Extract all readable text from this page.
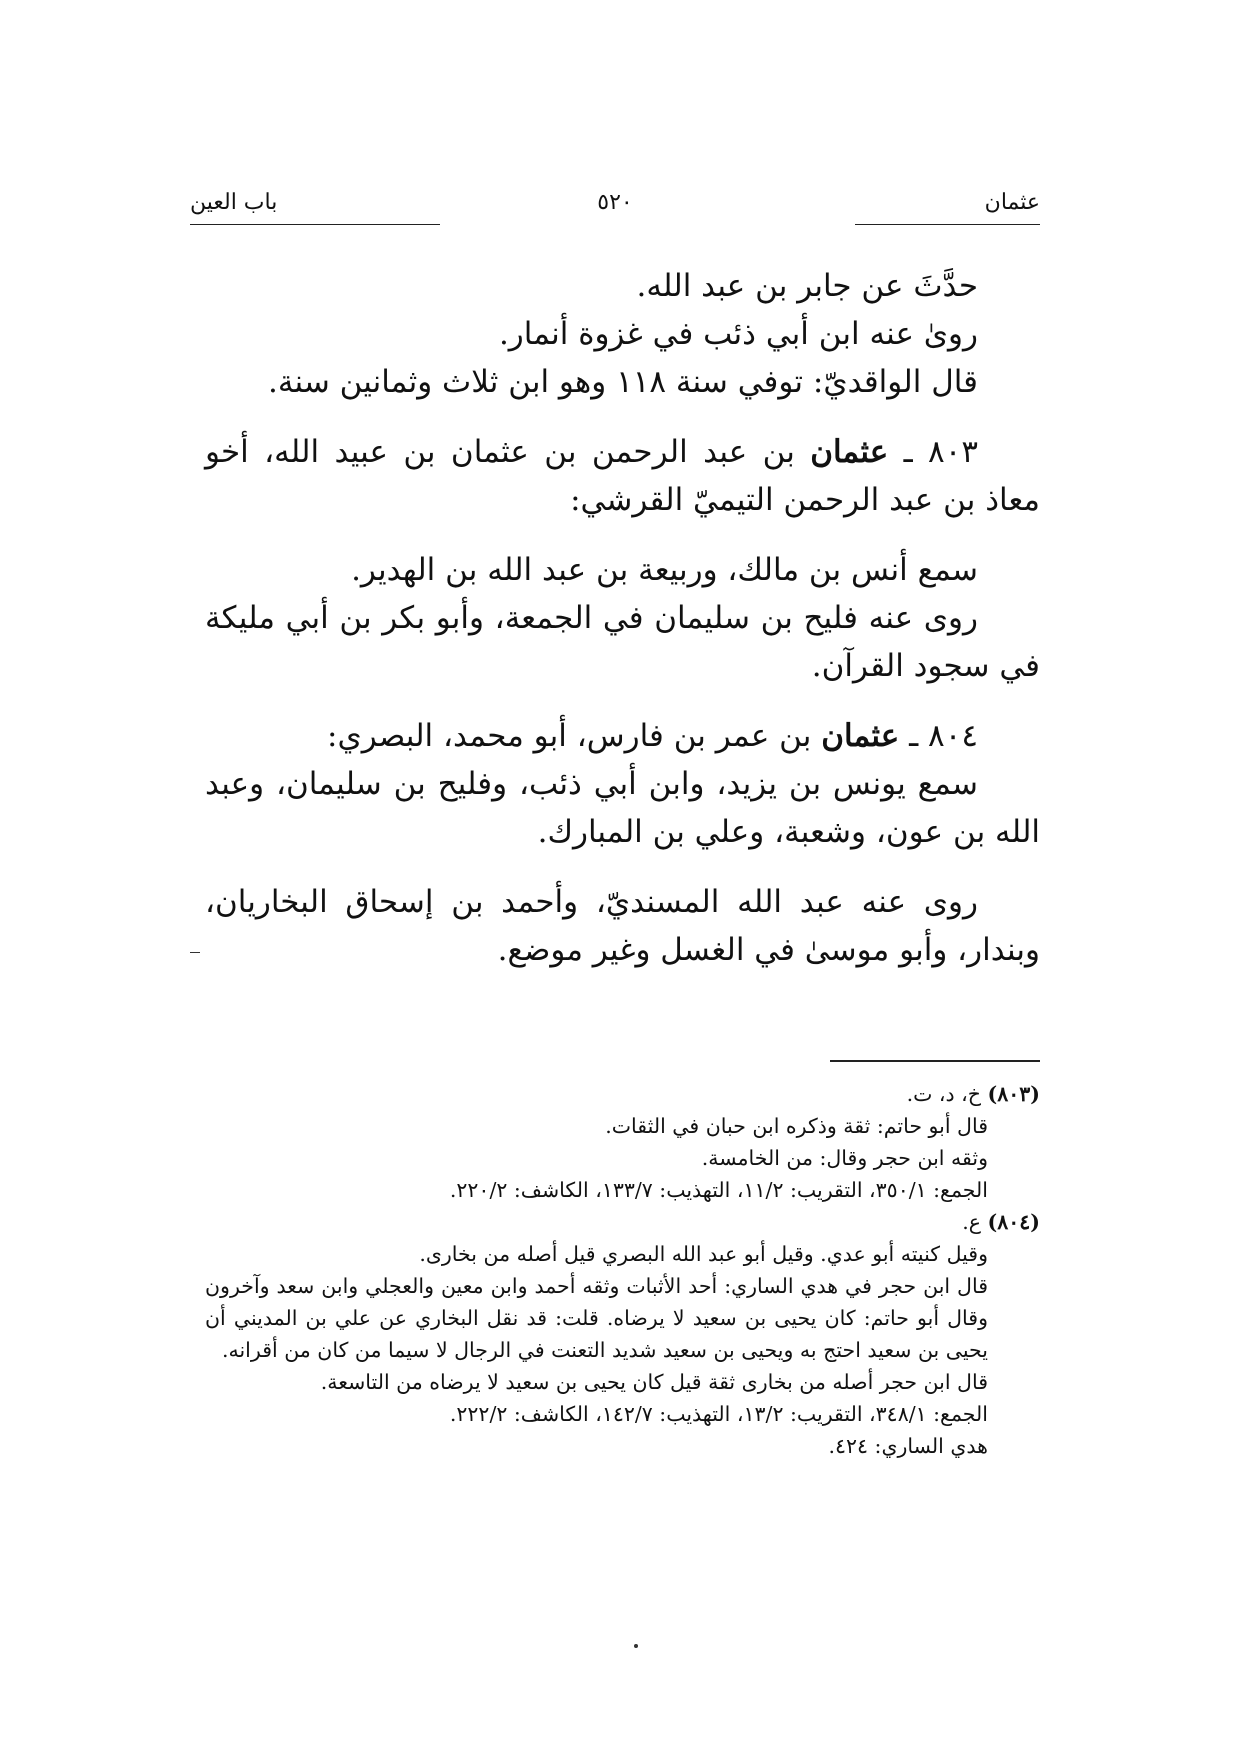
عثمان
٥٢٠
باب العين

حدَّثَ عن جابر بن عبد الله.

روىٰ عنه ابن أبي ذئب في غزوة أنمار.

قال الواقديّ: توفي سنة ١١٨ وهو ابن ثلاث وثمانين سنة.

٨٠٣ ـ عثمان بن عبد الرحمن بن عثمان بن عبيد الله، أخو معاذ بن عبد الرحمن التيميّ القرشي:

سمع أنس بن مالك، وربيعة بن عبد الله بن الهدير.

روى عنه فليح بن سليمان في الجمعة، وأبو بكر بن أبي مليكة في سجود القرآن.

٨٠٤ ـ عثمان بن عمر بن فارس، أبو محمد، البصري:

سمع يونس بن يزيد، وابن أبي ذئب، وفليح بن سليمان، وعبد الله بن عون، وشعبة، وعلي بن المبارك.

روى عنه عبد الله المسنديّ، وأحمد بن إسحاق البخاريان، وبندار، وأبو موسىٰ في الغسل وغير موضع.

(٨٠٣) خ، د، ت.

قال أبو حاتم: ثقة وذكره ابن حبان في الثقات.

وثقه ابن حجر وقال: من الخامسة.

الجمع: ٣٥٠/١، التقريب: ١١/٢، التهذيب: ١٣٣/٧، الكاشف: ٢٢٠/٢.

(٨٠٤) ع.

وقيل كنيته أبو عدي. وقيل أبو عبد الله البصري قيل أصله من بخارى.

قال ابن حجر في هدي الساري: أحد الأثبات وثقه أحمد وابن معين والعجلي وابن سعد وآخرون وقال أبو حاتم: كان يحيى بن سعيد لا يرضاه. قلت: قد نقل البخاري عن علي بن المديني أن يحيى بن سعيد احتج به ويحيى بن سعيد شديد التعنت في الرجال لا سيما من كان من أقرانه.

قال ابن حجر أصله من بخارى ثقة قيل كان يحيى بن سعيد لا يرضاه من التاسعة.

الجمع: ٣٤٨/١، التقريب: ١٣/٢، التهذيب: ١٤٢/٧، الكاشف: ٢٢٢/٢.

هدي الساري: ٤٢٤.
